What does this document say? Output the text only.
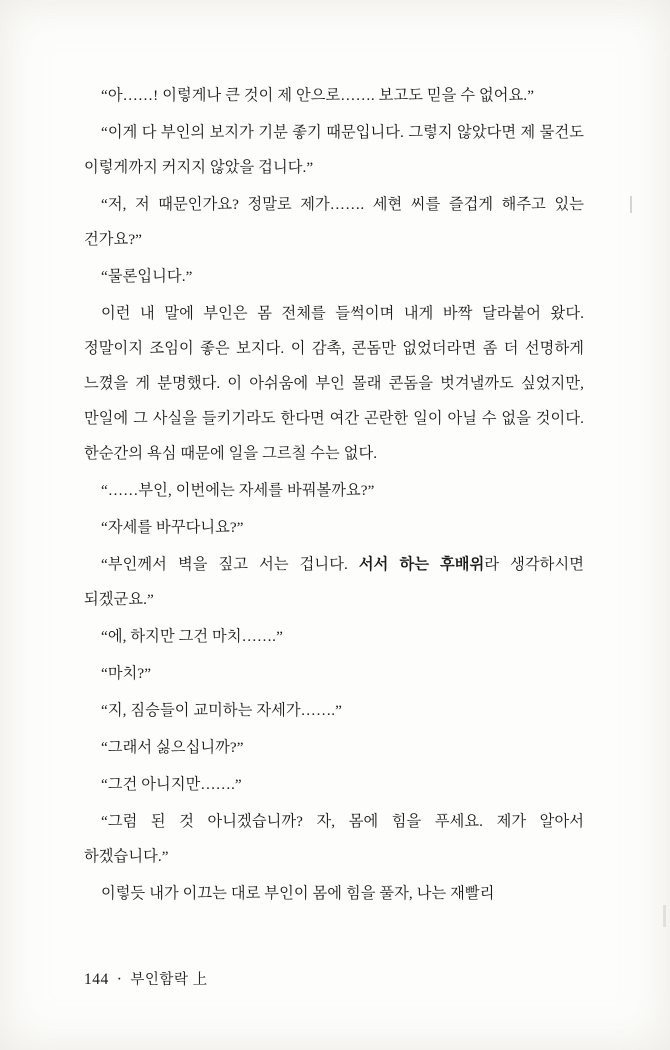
“아……! 이렇게나 큰 것이 제 안으로……. 보고도 믿을 수 없어요.”

“이게 다 부인의 보지가 기분 좋기 때문입니다. 그렇지 않았다면 제 물건도 이렇게까지 커지지 않았을 겁니다.”

“저, 저 때문인가요? 정말로 제가……. 세현 씨를 즐겁게 해주고 있는 건가요?”

“물론입니다.”

이런 내 말에 부인은 몸 전체를 들썩이며 내게 바짝 달라붙어 왔다. 정말이지 조임이 좋은 보지다. 이 감촉, 콘돔만 없었더라면 좀 더 선명하게 느꼈을 게 분명했다. 이 아쉬움에 부인 몰래 콘돔을 벗겨낼까도 싶었지만, 만일에 그 사실을 들키기라도 한다면 여간 곤란한 일이 아닐 수 없을 것이다. 한순간의 욕심 때문에 일을 그르칠 수는 없다.

“……부인, 이번에는 자세를 바꿔볼까요?”

“자세를 바꾸다니요?”

“부인께서 벽을 짚고 서는 겁니다. 서서 하는 후배위라 생각하시면 되겠군요.”

“에, 하지만 그건 마치…….”

“마치?”

“지, 짐승들이 교미하는 자세가…….”

“그래서 싫으십니까?”

“그건 아니지만…….”

“그럼 된 것 아니겠습니까? 자, 몸에 힘을 푸세요. 제가 알아서 하겠습니다.”

이렇듯 내가 이끄는 대로 부인이 몸에 힘을 풀자, 나는 재빨리

144 · 부인함락 上
